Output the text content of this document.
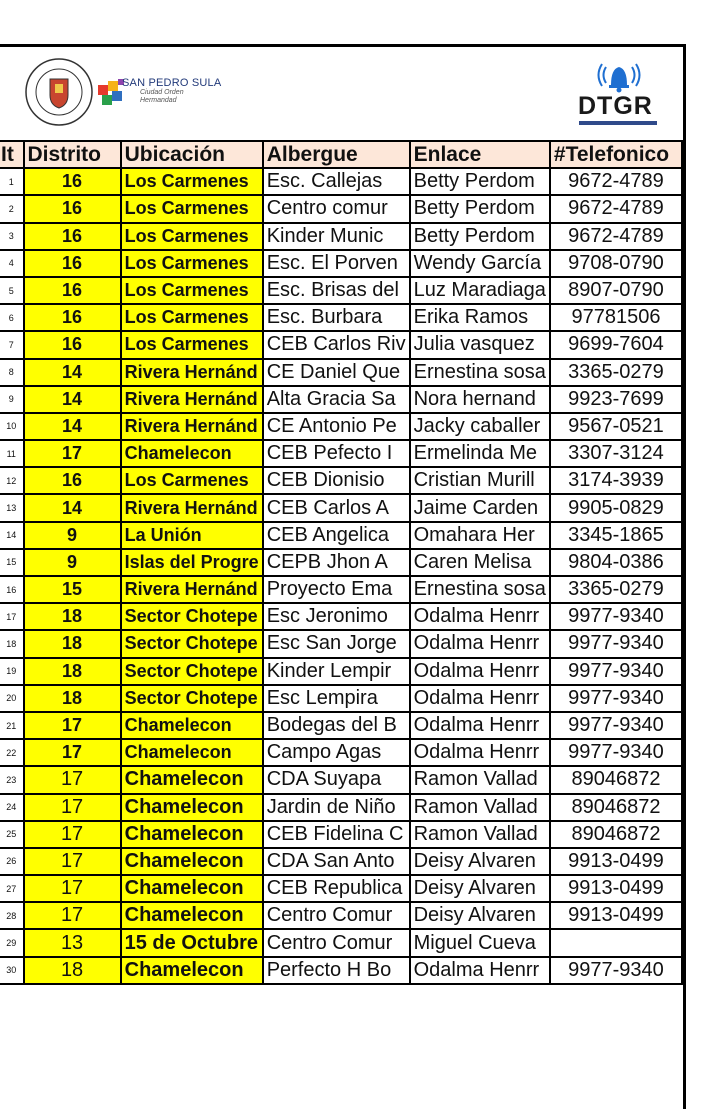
SAN PEDRO SULA
Ciudad Orden Hermandad	DTGR
It	Distrito	Ubicación	Albergue	Enlace	#Telefonico
1	16	Los Carmenes	Esc. Callejas	Betty Perdom	9672-4789
2	16	Los Carmenes	Centro comur	Betty Perdom	9672-4789
3	16	Los Carmenes	Kinder Munic	Betty Perdom	9672-4789
4	16	Los Carmenes	Esc. El Porven	Wendy García	9708-0790
5	16	Los Carmenes	Esc. Brisas del	Luz Maradiaga	8907-0790
6	16	Los Carmenes	Esc. Burbara	Erika Ramos	97781506
7	16	Los Carmenes	CEB Carlos Riv	Julia vasquez	9699-7604
8	14	Rivera Hernánd	CE Daniel Que	Ernestina sosa	3365-0279
9	14	Rivera Hernánd	Alta Gracia Sa	Nora hernand	9923-7699
10	14	Rivera Hernánd	CE Antonio Pe	Jacky caballer	9567-0521
11	17	Chamelecon	CEB Pefecto I	Ermelinda Me	3307-3124
12	16	Los Carmenes	CEB Dionisio	Cristian Murill	3174-3939
13	14	Rivera Hernánd	CEB Carlos A	Jaime Carden	9905-0829
14	9	La Unión	CEB Angelica	Omahara Her	3345-1865
15	9	Islas del Progre	CEPB Jhon A	Caren Melisa	9804-0386
16	15	Rivera Hernánd	Proyecto Ema	Ernestina sosa	3365-0279
17	18	Sector Chotepe	Esc Jeronimo	Odalma Henrr	9977-9340
18	18	Sector Chotepe	Esc San Jorge	Odalma Henrr	9977-9340
19	18	Sector Chotepe	Kinder Lempir	Odalma Henrr	9977-9340
20	18	Sector Chotepe	Esc Lempira	Odalma Henrr	9977-9340
21	17	Chamelecon	Bodegas del B	Odalma Henrr	9977-9340
22	17	Chamelecon	Campo Agas	Odalma Henrr	9977-9340
23	17	Chamelecon	CDA Suyapa	Ramon Vallad	89046872
24	17	Chamelecon	Jardin de Niño	Ramon Vallad	89046872
25	17	Chamelecon	CEB Fidelina C	Ramon Vallad	89046872
26	17	Chamelecon	CDA San Anto	Deisy Alvaren	9913-0499
27	17	Chamelecon	CEB Republica	Deisy Alvaren	9913-0499
28	17	Chamelecon	Centro Comur	Deisy Alvaren	9913-0499
29	13	15 de Octubre	Centro Comur	Miguel Cueva	
30	18	Chamelecon	Perfecto H Bo	Odalma Henrr	9977-9340
